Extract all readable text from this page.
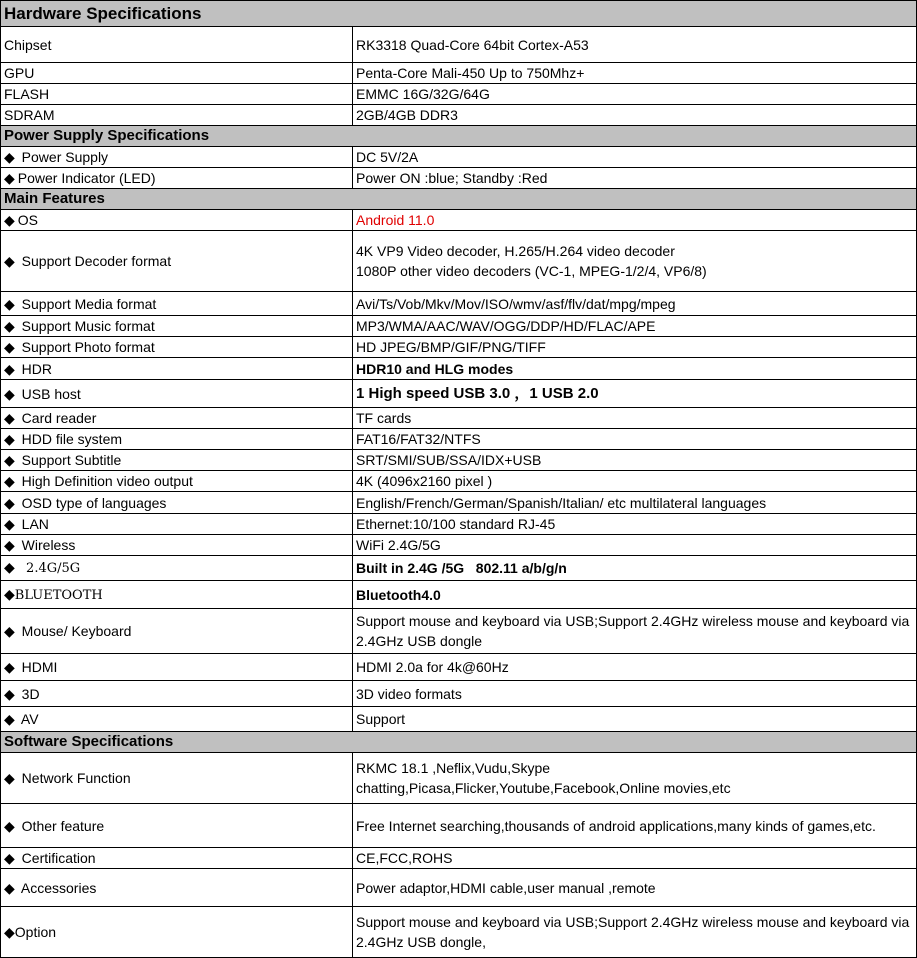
Hardware Specifications	
Chipset	RK3318 Quad-Core 64bit Cortex-A53
GPU	Penta-Core Mali-450 Up to 750Mhz+
FLASH	EMMC 16G/32G/64G
SDRAM	2GB/4GB DDR3
Power Supply Specifications	
◆ Power Supply	DC 5V/2A
◆ Power Indicator (LED)	Power ON :blue; Standby :Red
Main Features	
◆ OS	Android 11.0
◆ Support Decoder format	4K VP9 Video decoder, H.265/H.264 video decoder
1080P other video decoders (VC-1, MPEG-1/2/4, VP6/8)

◆ Support Media format	Avi/Ts/Vob/Mkv/Mov/ISO/wmv/asf/flv/dat/mpg/mpeg
◆ Support Music format	MP3/WMA/AAC/WAV/OGG/DDP/HD/FLAC/APE
◆ Support Photo format	HD JPEG/BMP/GIF/PNG/TIFF
◆ HDR	HDR10 and HLG modes
◆ USB host	1 High speed USB 3.0 ，1 USB 2.0
◆ Card reader	TF cards
◆ HDD file system	FAT16/FAT32/NTFS
◆ Support Subtitle	SRT/SMI/SUB/SSA/IDX+USB
◆ High Definition video output	4K (4096x2160 pixel )
◆ OSD type of languages	English/French/German/Spanish/Italian/ etc multilateral languages
◆ LAN	Ethernet:10/100 standard RJ-45
◆ Wireless	WiFi 2.4G/5G
◆  2.4G/5G	Built in 2.4G /5G   802.11 a/b/g/n
◆BLUETOOTH	Bluetooth4.0
◆ Mouse/ Keyboard	Support mouse and keyboard via USB;Support 2.4GHz wireless mouse and keyboard via 2.4GHz USB dongle
◆ HDMI	HDMI 2.0a for 4k@60Hz
◆ 3D	3D video formats
◆ AV	Support
Software Specifications	
◆ Network Function	RKMC 18.1 ,Neflix,Vudu,Skype
chatting,Picasa,Flicker,Youtube,Facebook,Online movies,etc

◆ Other feature	Free Internet searching,thousands of android applications,many kinds of games,etc.
◆ Certification	CE,FCC,ROHS
◆ Accessories	Power adaptor,HDMI cable,user manual ,remote
◆Option	Support mouse and keyboard via USB;Support 2.4GHz wireless mouse and keyboard via 2.4GHz USB dongle,
